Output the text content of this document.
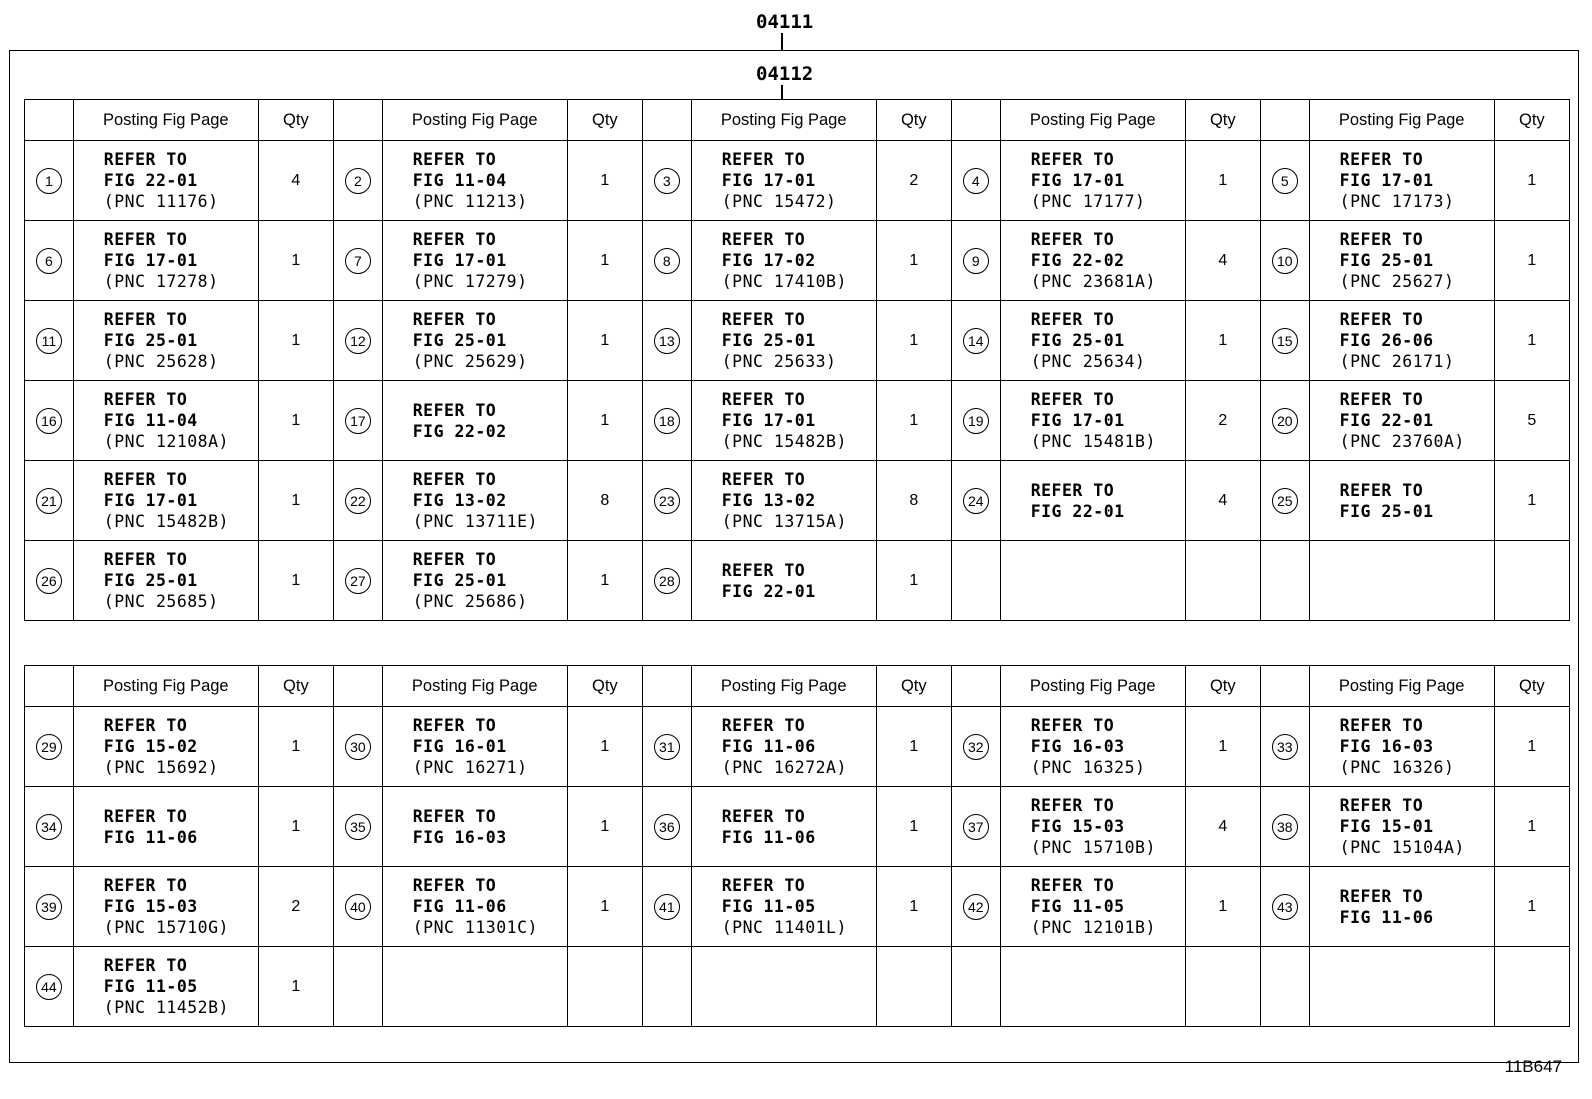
04111
04112
	Posting Fig Page	Qty		Posting Fig Page	Qty		Posting Fig Page	Qty		Posting Fig Page	Qty		Posting Fig Page	Qty
1	REFER TO
FIG 22-01
(PNC 11176)	4	2	REFER TO
FIG 11-04
(PNC 11213)	1	3	REFER TO
FIG 17-01
(PNC 15472)	2	4	REFER TO
FIG 17-01
(PNC 17177)	1	5	REFER TO
FIG 17-01
(PNC 17173)	1
6	REFER TO
FIG 17-01
(PNC 17278)	1	7	REFER TO
FIG 17-01
(PNC 17279)	1	8	REFER TO
FIG 17-02
(PNC 17410B)	1	9	REFER TO
FIG 22-02
(PNC 23681A)	4	10	REFER TO
FIG 25-01
(PNC 25627)	1
11	REFER TO
FIG 25-01
(PNC 25628)	1	12	REFER TO
FIG 25-01
(PNC 25629)	1	13	REFER TO
FIG 25-01
(PNC 25633)	1	14	REFER TO
FIG 25-01
(PNC 25634)	1	15	REFER TO
FIG 26-06
(PNC 26171)	1
16	REFER TO
FIG 11-04
(PNC 12108A)	1	17	REFER TO
FIG 22-02	1	18	REFER TO
FIG 17-01
(PNC 15482B)	1	19	REFER TO
FIG 17-01
(PNC 15481B)	2	20	REFER TO
FIG 22-01
(PNC 23760A)	5
21	REFER TO
FIG 17-01
(PNC 15482B)	1	22	REFER TO
FIG 13-02
(PNC 13711E)	8	23	REFER TO
FIG 13-02
(PNC 13715A)	8	24	REFER TO
FIG 22-01	4	25	REFER TO
FIG 25-01	1
26	REFER TO
FIG 25-01
(PNC 25685)	1	27	REFER TO
FIG 25-01
(PNC 25686)	1	28	REFER TO
FIG 22-01	1						
	Posting Fig Page	Qty		Posting Fig Page	Qty		Posting Fig Page	Qty		Posting Fig Page	Qty		Posting Fig Page	Qty
29	REFER TO
FIG 15-02
(PNC 15692)	1	30	REFER TO
FIG 16-01
(PNC 16271)	1	31	REFER TO
FIG 11-06
(PNC 16272A)	1	32	REFER TO
FIG 16-03
(PNC 16325)	1	33	REFER TO
FIG 16-03
(PNC 16326)	1
34	REFER TO
FIG 11-06	1	35	REFER TO
FIG 16-03	1	36	REFER TO
FIG 11-06	1	37	REFER TO
FIG 15-03
(PNC 15710B)	4	38	REFER TO
FIG 15-01
(PNC 15104A)	1
39	REFER TO
FIG 15-03
(PNC 15710G)	2	40	REFER TO
FIG 11-06
(PNC 11301C)	1	41	REFER TO
FIG 11-05
(PNC 11401L)	1	42	REFER TO
FIG 11-05
(PNC 12101B)	1	43	REFER TO
FIG 11-06	1
44	REFER TO
FIG 11-05
(PNC 11452B)	1												
11B647
